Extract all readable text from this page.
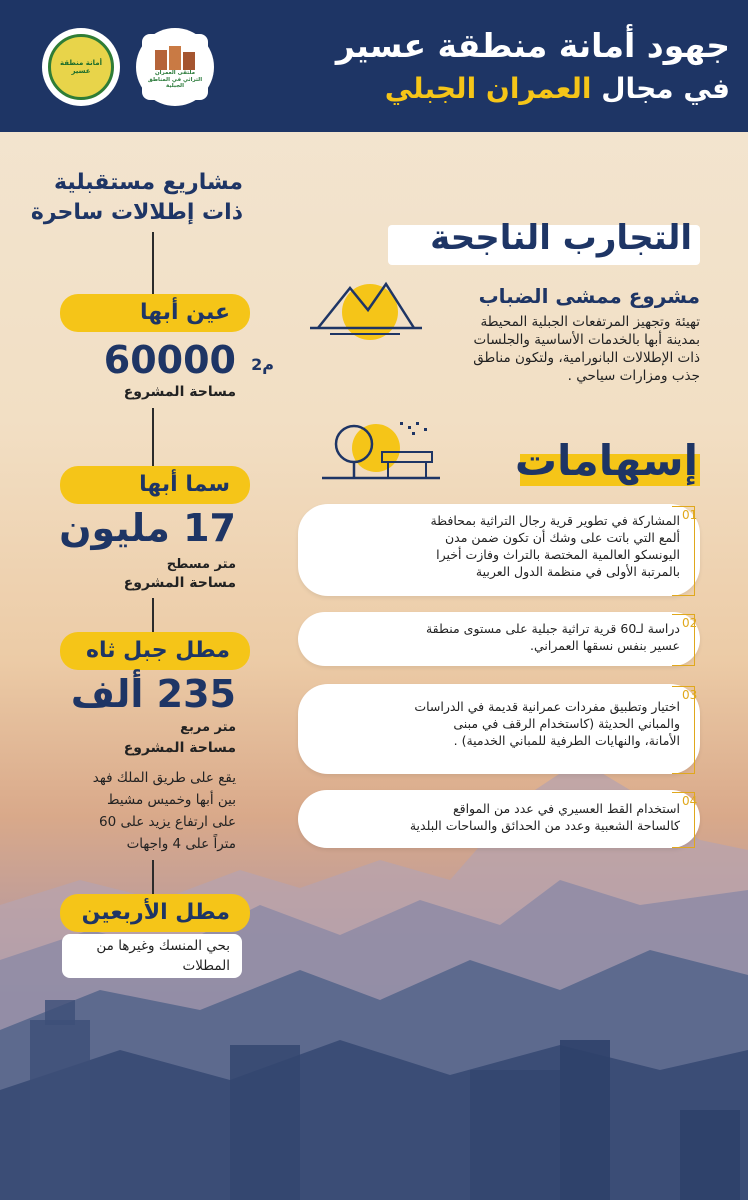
جهود أمانة منطقة عسير
في مجال العمران الجبلي
أمانة منطقة عسير	ملتقى العمران التراثي في المناطق الجبلية
مشاريع مستقبلية
ذات إطلالات ساحرة
عين أبها
60000 م2
مساحة المشروع
سما أبها
17 مليون
متر مسطح
مساحة المشروع
مطل جبل ثاه
235 ألف
متر مربع
مساحة المشروع
يقع على طريق الملك فهد
بين أبها وخميس مشيط
على ارتفاع يزيد على 60
متراً على 4 واجهات
مطل الأربعين
بحي المنسك وغيرها من
المطلات
التجارب الناجحة
مشروع ممشى الضباب
تهيئة وتجهيز المرتفعات الجبلية المحيطة
بمدينة أبها بالخدمات الأساسية والجلسات
ذات الإطلالات البانورامية، ولتكون مناطق
جذب ومزارات سياحي .
إسهامات
01
المشاركة في تطوير قرية رجال التراثية بمحافظة
ألمع التي باتت على وشك أن تكون ضمن مدن
اليونسكو العالمية المختصة بالتراث وفازت أخيرا
بالمرتبة الأولى في منظمة الدول العربية
02
دراسة لـ60 قرية تراثية جبلية على مستوى منطقة
عسير بنفس نسقها العمراني.
03
اختيار وتطبيق مفردات عمرانية قديمة في الدراسات
والمباني الحديثة (كاستخدام الرقف في مبنى
الأمانة، والنهايات الطرفية للمباني الخدمية) .
04
استخدام القط العسيري في عدد من المواقع
كالساحة الشعبية وعدد من الحدائق والساحات البلدية
